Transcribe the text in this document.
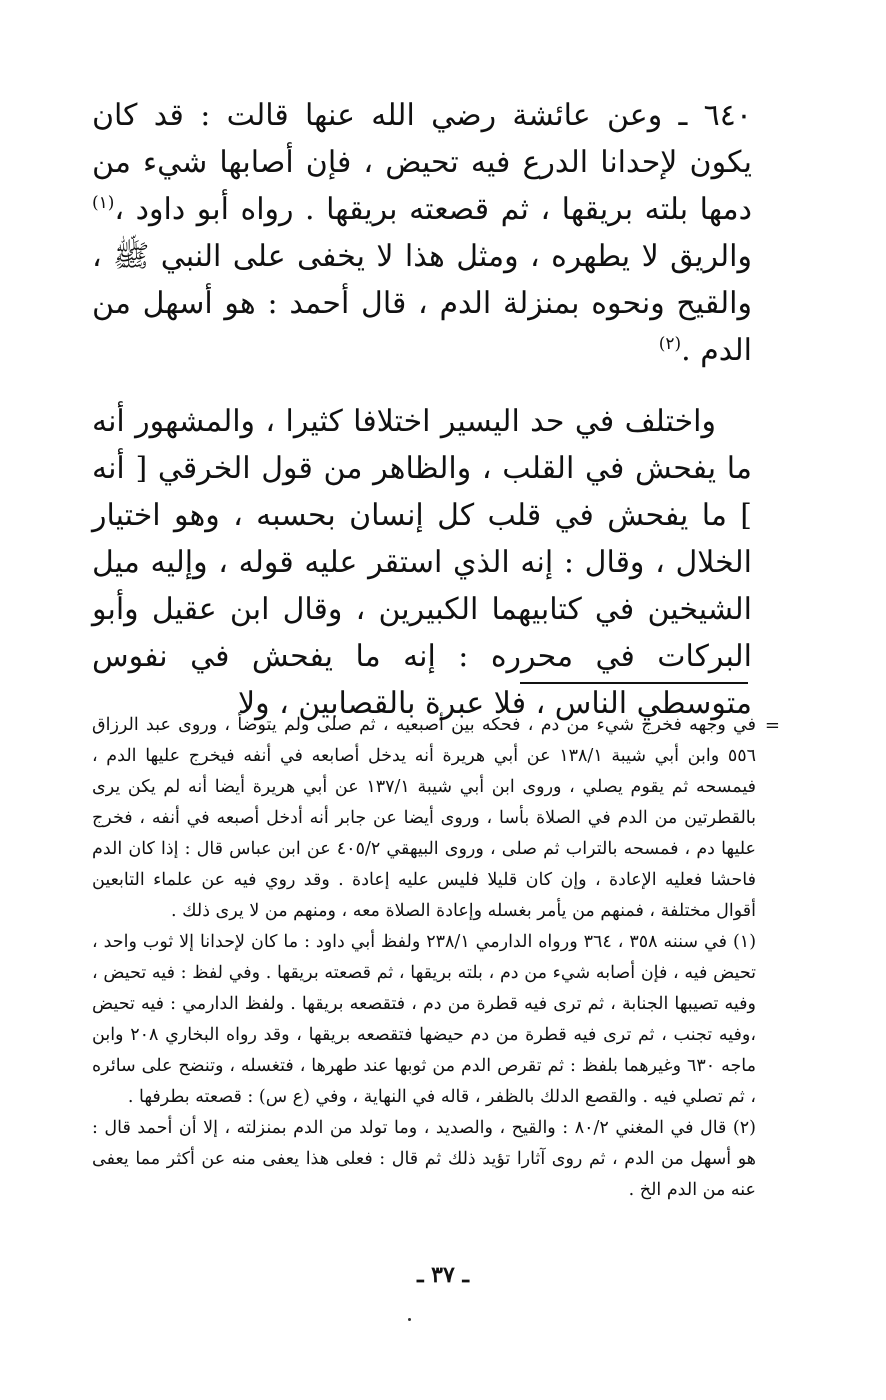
٦٤٠ ـ وعن عائشة رضي الله عنها قالت : قد كان يكون لإحدانا الدرع فيه تحيض ، فإن أصابها شيء من دمها بلته بريقها ، ثم قصعته بريقها . رواه أبو داود ،$^{(١)}$ والريق لا يطهره ، ومثل هذا لا يخفى على النبي ﷺ ، والقيح ونحوه بمنزلة الدم ، قال أحمد : هو أسهل من الدم .$^{(٢)}$

واختلف في حد اليسير اختلافا كثيرا ، والمشهور أنه ما يفحش في القلب ، والظاهر من قول الخرقي [ أنه ] ما يفحش في قلب كل إنسان بحسبه ، وهو اختيار الخلال ، وقال : إنه الذي استقر عليه قوله ، وإليه ميل الشيخين في كتابيهما الكبيرين ، وقال ابن عقيل وأبو البركات في محرره : إنه ما يفحش في نفوس متوسطي الناس ، فلا عبرة بالقصابين ، ولا

=
في وجهه فخرج شيء من دم ، فحكه بين أصبعيه ، ثم صلى ولم يتوضأ ، وروى عبد الرزاق ٥٥٦ وابن أبي شيبة ١٣٨/١ عن أبي هريرة أنه يدخل أصابعه في أنفه فيخرج عليها الدم ، فيمسحه ثم يقوم يصلي ، وروى ابن أبي شيبة ١٣٧/١ عن أبي هريرة أيضا أنه لم يكن يرى بالقطرتين من الدم في الصلاة بأسا ، وروى أيضا عن جابر أنه أدخل أصبعه في أنفه ، فخرج عليها دم ، فمسحه بالتراب ثم صلى ، وروى البيهقي ٤٠٥/٢ عن ابن عباس قال : إذا كان الدم فاحشا فعليه الإعادة ، وإن كان قليلا فليس عليه إعادة . وقد روي فيه عن علماء التابعين أقوال مختلفة ، فمنهم من يأمر بغسله وإعادة الصلاة معه ، ومنهم من لا يرى ذلك .

(١) في سننه ٣٥٨ ، ٣٦٤ ورواه الدارمي ٢٣٨/١ ولفظ أبي داود : ما كان لإحدانا إلا ثوب واحد ، تحيض فيه ، فإن أصابه شيء من دم ، بلته بريقها ، ثم قصعته بريقها . وفي لفظ : فيه تحيض ، وفيه تصيبها الجنابة ، ثم ترى فيه قطرة من دم ، فتقصعه بريقها . ولفظ الدارمي : فيه تحيض ،وفيه تجنب ، ثم ترى فيه قطرة من دم حيضها فتقصعه بريقها ، وقد رواه البخاري ٢٠٨ وابن ماجه ٦٣٠ وغيرهما بلفظ : ثم تقرص الدم من ثوبها عند طهرها ، فتغسله ، وتنضح على سائره ، ثم تصلي فيه . والقصع الدلك بالظفر ، قاله في النهاية ، وفي (ع س) : قصعته بطرفها .

(٢) قال في المغني ٨٠/٢ : والقيح ، والصديد ، وما تولد من الدم بمنزلته ، إلا أن أحمد قال : هو أسهل من الدم ، ثم روى آثارا تؤيد ذلك ثم قال : فعلى هذا يعفى منه عن أكثر مما يعفى عنه من الدم الخ .

ـ ٣٧ ـ
